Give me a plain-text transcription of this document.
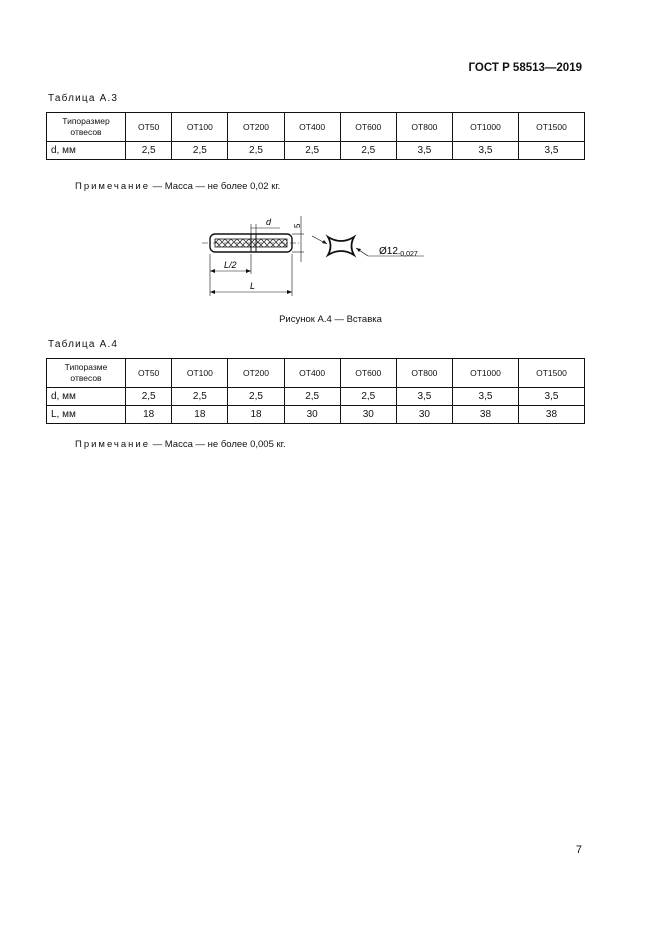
ГОСТ Р 58513—2019
Таблица А.3
Типоразмер
отвесов	OT50	OT100	OT200	OT400	OT600	OT800	OT1000	OT1500
d, мм	2,5	2,5	2,5	2,5	2,5	3,5	3,5	3,5
Примечание — Масса — не более 0,02 кг.
d	5
L/2
L
$Ø12_{-0,027}$
Рисунок А.4 — Вставка
Таблица А.4
Типоразме
отвесов	OT50	OT100	OT200	OT400	OT600	OT800	OT1000	OT1500
d, мм	2,5	2,5	2,5	2,5	2,5	3,5	3,5	3,5
L, мм	18	18	18	30	30	30	38	38
Примечание — Масса — не более 0,005 кг.
7
